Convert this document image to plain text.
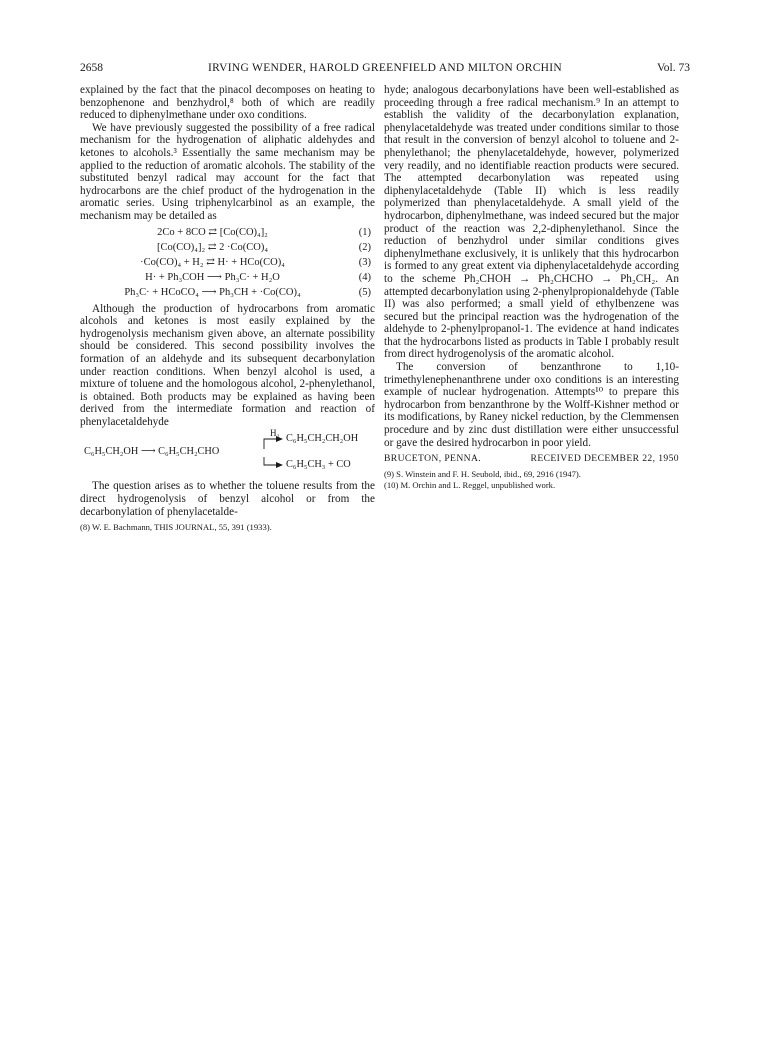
2658	IRVING WENDER, HAROLD GREENFIELD AND MILTON ORCHIN	Vol. 73

explained by the fact that the pinacol decomposes on heating to benzophenone and benzhydrol,⁸ both of which are readily reduced to diphenylmethane under oxo conditions.

We have previously suggested the possibility of a free radical mechanism for the hydrogenation of aliphatic aldehydes and ketones to alcohols.³ Essentially the same mechanism may be applied to the reduction of aromatic alcohols. The stability of the substituted benzyl radical may account for the fact that hydrocarbons are the chief product of the hydrogenation in the aromatic series. Using triphenylcarbinol as an example, the mechanism may be detailed as

2Co + 8CO ⇄ [Co(CO)₄]₂	(1)
[Co(CO)₄]₂ ⇄ 2 ·Co(CO)₄	(2)
·Co(CO)₄ + H₂ ⇄ H· + HCo(CO)₄	(3)
H· + Ph₃COH ⟶ Ph₃C· + H₂O	(4)
Ph₃C· + HCoCO₄ ⟶ Ph₃CH + ·Co(CO)₄	(5)

Although the production of hydrocarbons from aromatic alcohols and ketones is most easily explained by the hydrogenolysis mechanism given above, an alternate possibility should be considered. This second possibility involves the formation of an aldehyde and its subsequent decarbonylation under reaction conditions. When benzyl alcohol is used, a mixture of toluene and the homologous alcohol, 2-phenylethanol, is obtained. Both products may be explained as having been derived from the intermediate formation and reaction of phenylacetaldehyde

C₆H₅CH₂OH ⟶ C₆H₅CH₂CHO
H₂ C₆H₅CH₂CH₂OH
C₆H₅CH₃ + CO

The question arises as to whether the toluene results from the direct hydrogenolysis of benzyl alcohol or from the decarbonylation of phenylacetalde-

(8) W. E. Bachmann, THIS JOURNAL, 55, 391 (1933).

hyde; analogous decarbonylations have been well-established as proceeding through a free radical mechanism.⁹ In an attempt to establish the validity of the decarbonylation explanation, phenylacetaldehyde was treated under conditions similar to those that result in the conversion of benzyl alcohol to toluene and 2-phenylethanol; the phenylacetaldehyde, however, polymerized very readily, and no identifiable reaction products were secured. The attempted decarbonylation was repeated using diphenylacetaldehyde (Table II) which is less readily polymerized than phenylacetaldehyde. A small yield of the hydrocarbon, diphenylmethane, was indeed secured but the major product of the reaction was 2,2-diphenylethanol. Since the reduction of benzhydrol under similar conditions gives diphenylmethane exclusively, it is unlikely that this hydrocarbon is formed to any great extent via diphenylacetaldehyde according to the scheme Ph₂CHOH → Ph₂CHCHO → Ph₂CH₂. An attempted decarbonylation using 2-phenylpropionaldehyde (Table II) was also performed; a small yield of ethylbenzene was secured but the principal reaction was the hydrogenation of the aldehyde to 2-phenylpropanol-1. The evidence at hand indicates that the hydrocarbons listed as products in Table I probably result from direct hydrogenolysis of the aromatic alcohol.

The conversion of benzanthrone to 1,10-trimethylenephenanthrene under oxo conditions is an interesting example of nuclear hydrogenation. Attempts¹⁰ to prepare this hydrocarbon from benzanthrone by the Wolff-Kishner method or its modifications, by Raney nickel reduction, by the Clemmensen procedure and by zinc dust distillation were either unsuccessful or gave the desired hydrocarbon in poor yield.

BRUCETON, PENNA.	RECEIVED DECEMBER 22, 1950
(9) S. Winstein and F. H. Seubold, ibid., 69, 2916 (1947).
(10) M. Orchin and L. Reggel, unpublished work.
